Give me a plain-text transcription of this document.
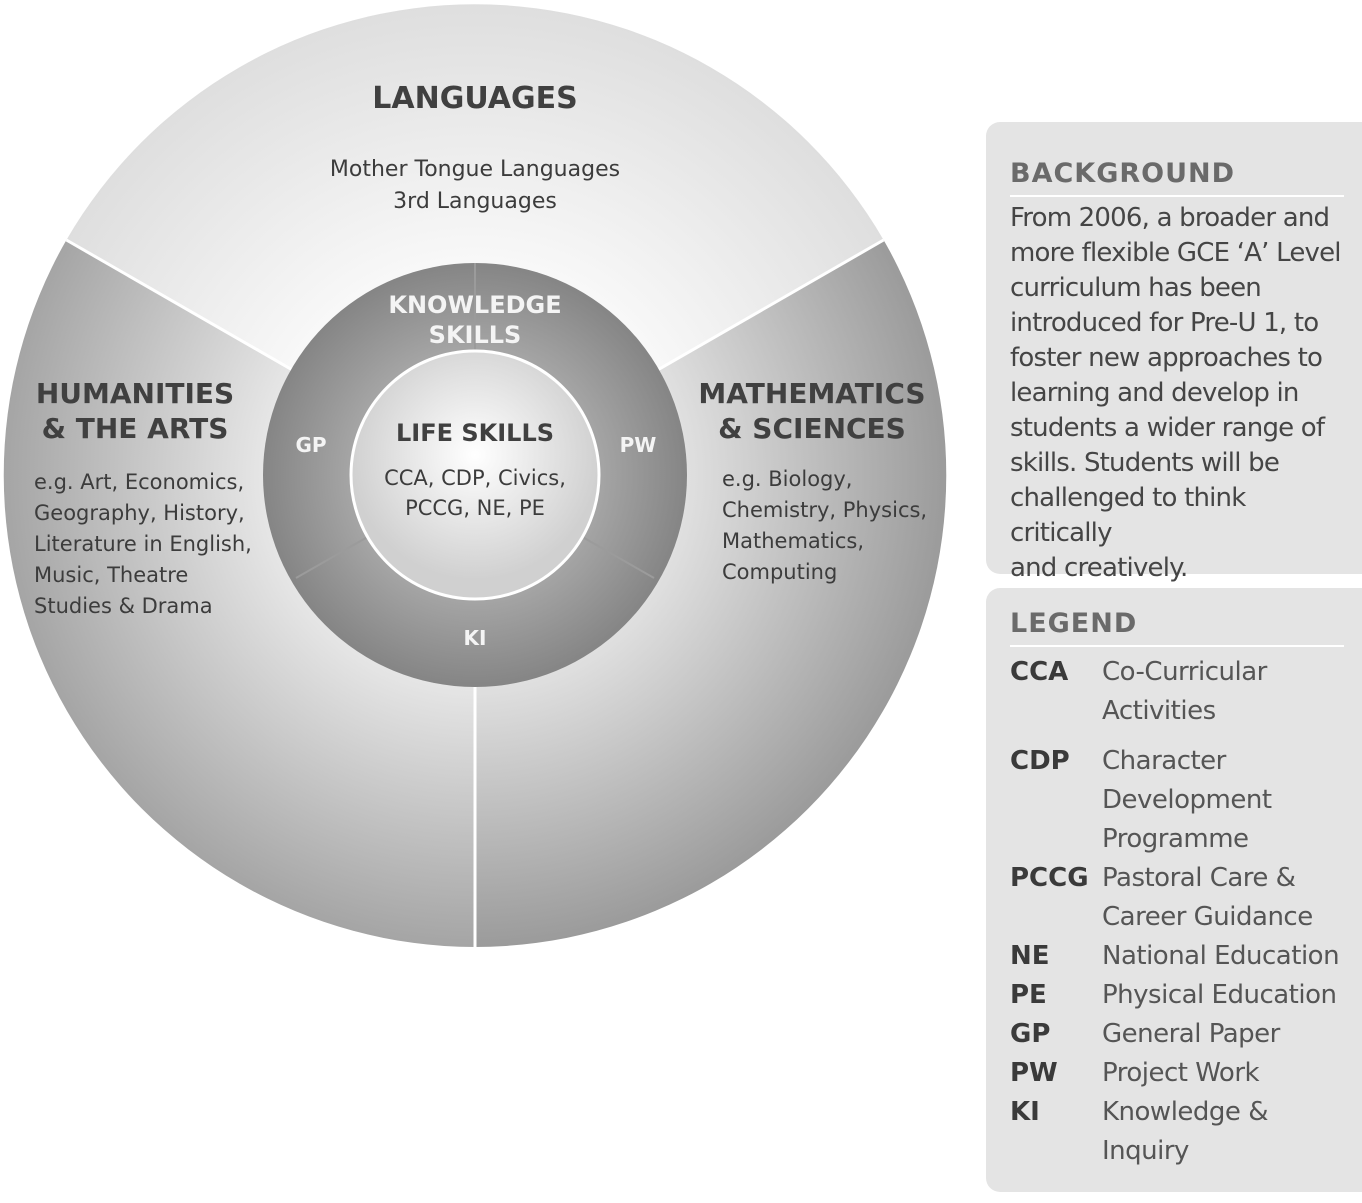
LANGUAGES
Mother Tongue Languages
3rd Languages
HUMANITIES
& THE ARTS
e.g. Art, Economics,
Geography, History,
Literature in English,
Music, Theatre
Studies & Drama
MATHEMATICS
& SCIENCES
e.g. Biology,
Chemistry, Physics,
Mathematics,
Computing
KNOWLEDGE
SKILLS
GP	PW
KI
LIFE SKILLS
CCA, CDP, Civics,
PCCG, NE, PE
BACKGROUND
From 2006, a broader and
more flexible GCE ‘A’ Level
curriculum has been
introduced for Pre-U 1, to
foster new approaches to
learning and develop in
students a wider range of
skills. Students will be
challenged to think critically
and creatively.
LEGEND
CCA	Co-Curricular
Activities
CDP	Character
Development
Programme
PCCG Pastoral Care &
Career Guidance
NE	National Education
PE	Physical Education
GP	General Paper
PW	Project Work
KI	Knowledge &
Inquiry
